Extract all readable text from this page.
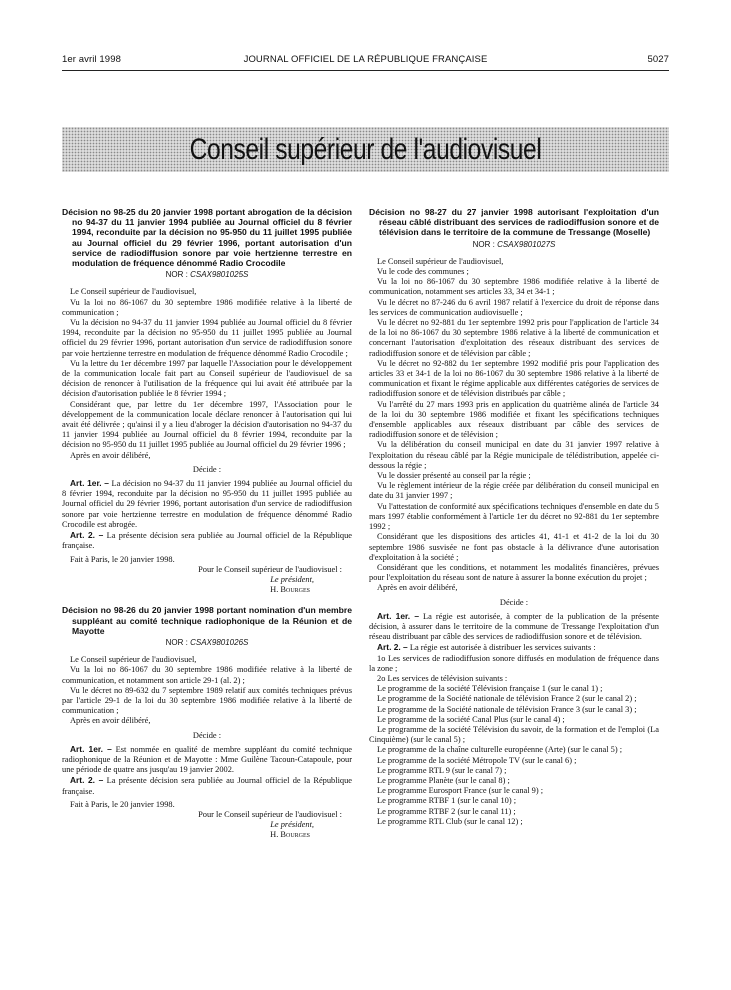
1er avril 1998	JOURNAL OFFICIEL DE LA RÉPUBLIQUE FRANÇAISE	5027
Conseil supérieur de l'audiovisuel
Décision no 98-25 du 20 janvier 1998 portant abrogation de la décision no 94-37 du 11 janvier 1994 publiée au Journal officiel du 8 février 1994, reconduite par la décision no 95-950 du 11 juillet 1995 publiée au Journal officiel du 29 février 1996, portant autorisation d'un service de radiodiffusion sonore par voie hertzienne terrestre en modulation de fréquence dénommé Radio Crocodile
NOR : CSAX9801025S

Le Conseil supérieur de l'audiovisuel,

Vu la loi no 86-1067 du 30 septembre 1986 modifiée relative à la liberté de communication ;

Vu la décision no 94-37 du 11 janvier 1994 publiée au Journal officiel du 8 février 1994, reconduite par la décision no 95-950 du 11 juillet 1995 publiée au Journal officiel du 29 février 1996, portant autorisation d'un service de radiodiffusion sonore par voie hertzienne terrestre en modulation de fréquence dénommé Radio Crocodile ;

Vu la lettre du 1er décembre 1997 par laquelle l'Association pour le développement de la communication locale fait part au Conseil supérieur de l'audiovisuel de sa décision de renoncer à l'utilisation de la fréquence qui lui avait été attribuée par la décision d'autorisation publiée le 8 février 1994 ;

Considérant que, par lettre du 1er décembre 1997, l'Association pour le développement de la communication locale déclare renoncer à l'autorisation qui lui avait été délivrée ; qu'ainsi il y a lieu d'abroger la décision d'autorisation no 94-37 du 11 janvier 1994 publiée au Journal officiel du 8 février 1994, reconduite par la décision no 95-950 du 11 juillet 1995 publiée au Journal officiel du 29 février 1996 ;

Après en avoir délibéré,

Décide :

Art. 1er. – La décision no 94-37 du 11 janvier 1994 publiée au Journal officiel du 8 février 1994, reconduite par la décision no 95-950 du 11 juillet 1995 publiée au Journal officiel du 29 février 1996, portant autorisation d'un service de radiodiffusion sonore par voie hertzienne terrestre en modulation de fréquence dénommé Radio Crocodile est abrogée.

Art. 2. – La présente décision sera publiée au Journal officiel de la République française.

Fait à Paris, le 20 janvier 1998.

Pour le Conseil supérieur de l'audiovisuel :
Le président,
H. Bourges
Décision no 98-26 du 20 janvier 1998 portant nomination d'un membre suppléant au comité technique radiophonique de la Réunion et de Mayotte
NOR : CSAX9801026S

Le Conseil supérieur de l'audiovisuel,

Vu la loi no 86-1067 du 30 septembre 1986 modifiée relative à la liberté de communication, et notamment son article 29-1 (al. 2) ;

Vu le décret no 89-632 du 7 septembre 1989 relatif aux comités techniques prévus par l'article 29-1 de la loi du 30 septembre 1986 modifiée relative à la liberté de communication ;

Après en avoir délibéré,

Décide :

Art. 1er. – Est nommée en qualité de membre suppléant du comité technique radiophonique de la Réunion et de Mayotte : Mme Guilène Tacoun-Catapoule, pour une période de quatre ans jusqu'au 19 janvier 2002.

Art. 2. – La présente décision sera publiée au Journal officiel de la République française.

Fait à Paris, le 20 janvier 1998.

Pour le Conseil supérieur de l'audiovisuel :
Le président,
H. Bourges
Décision no 98-27 du 27 janvier 1998 autorisant l'exploitation d'un réseau câblé distribuant des services de radiodiffusion sonore et de télévision dans le territoire de la commune de Tressange (Moselle)
NOR : CSAX9801027S

Le Conseil supérieur de l'audiovisuel,

Vu le code des communes ;

Vu la loi no 86-1067 du 30 septembre 1986 modifiée relative à la liberté de communication, notamment ses articles 33, 34 et 34-1 ;

Vu le décret no 87-246 du 6 avril 1987 relatif à l'exercice du droit de réponse dans les services de communication audiovisuelle ;

Vu le décret no 92-881 du 1er septembre 1992 pris pour l'application de l'article 34 de la loi no 86-1067 du 30 septembre 1986 relative à la liberté de communication et concernant l'autorisation d'exploitation des réseaux distribuant des services de radiodiffusion sonore et de télévision par câble ;

Vu le décret no 92-882 du 1er septembre 1992 modifié pris pour l'application des articles 33 et 34-1 de la loi no 86-1067 du 30 septembre 1986 relative à la liberté de communication et fixant le régime applicable aux différentes catégories de services de radiodiffusion sonore et de télévision distribués par câble ;

Vu l'arrêté du 27 mars 1993 pris en application du quatrième alinéa de l'article 34 de la loi du 30 septembre 1986 modifiée et fixant les spécifications techniques d'ensemble applicables aux réseaux distribuant par câble des services de radiodiffusion sonore et de télévision ;

Vu la délibération du conseil municipal en date du 31 janvier 1997 relative à l'exploitation du réseau câblé par la Régie municipale de télédistribution, appelée ci-dessous la régie ;

Vu le dossier présenté au conseil par la régie ;

Vu le règlement intérieur de la régie créée par délibération du conseil municipal en date du 31 janvier 1997 ;

Vu l'attestation de conformité aux spécifications techniques d'ensemble en date du 5 mars 1997 établie conformément à l'article 1er du décret no 92-881 du 1er septembre 1992 ;

Considérant que les dispositions des articles 41, 41-1 et 41-2 de la loi du 30 septembre 1986 susvisée ne font pas obstacle à la délivrance d'une autorisation d'exploitation à la société ;

Considérant que les conditions, et notamment les modalités financières, prévues pour l'exploitation du réseau sont de nature à assurer la bonne exécution du projet ;

Après en avoir délibéré,

Décide :

Art. 1er. – La régie est autorisée, à compter de la publication de la présente décision, à assurer dans le territoire de la commune de Tressange l'exploitation d'un réseau distribuant par câble des services de radiodiffusion sonore et de télévision.

Art. 2. – La régie est autorisée à distribuer les services suivants :

1o Les services de radiodiffusion sonore diffusés en modulation de fréquence dans la zone ;

2o Les services de télévision suivants :

Le programme de la société Télévision française 1 (sur le canal 1) ;

Le programme de la Société nationale de télévision France 2 (sur le canal 2) ;

Le programme de la Société nationale de télévision France 3 (sur le canal 3) ;

Le programme de la société Canal Plus (sur le canal 4) ;

Le programme de la société Télévision du savoir, de la formation et de l'emploi (La Cinquième) (sur le canal 5) ;

Le programme de la chaîne culturelle européenne (Arte) (sur le canal 5) ;

Le programme de la société Métropole TV (sur le canal 6) ;

Le programme RTL 9 (sur le canal 7) ;

Le programme Planète (sur le canal 8) ;

Le programme Eurosport France (sur le canal 9) ;

Le programme RTBF 1 (sur le canal 10) ;

Le programme RTBF 2 (sur le canal 11) ;

Le programme RTL Club (sur le canal 12) ;
